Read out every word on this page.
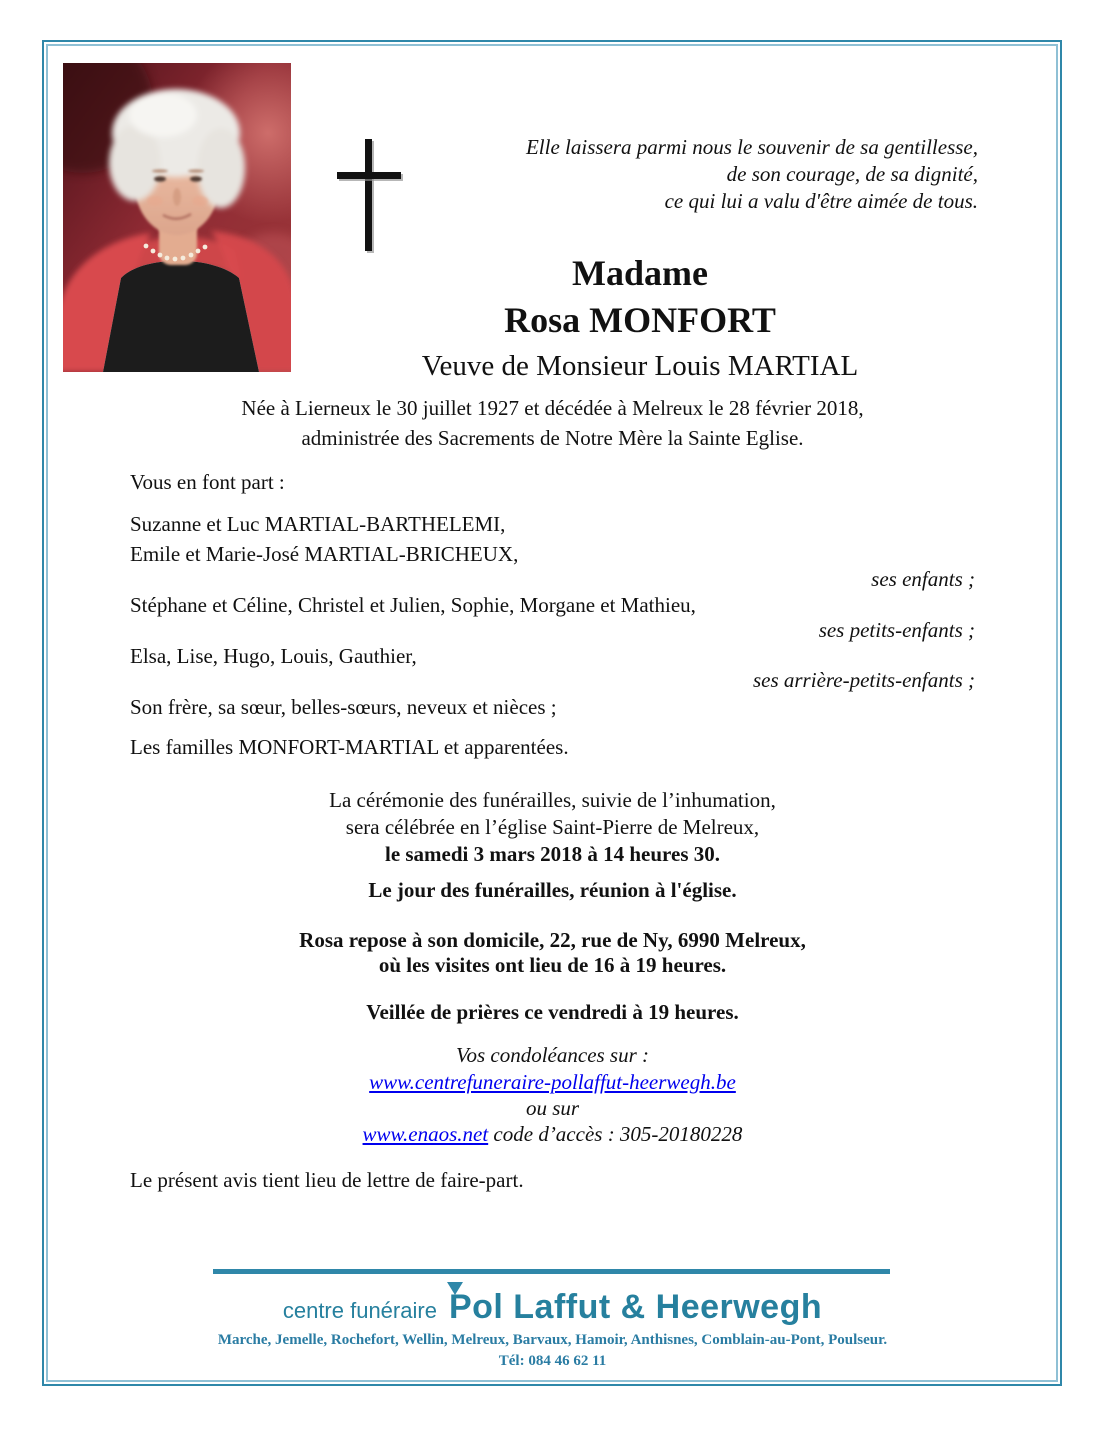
Elle laissera parmi nous le souvenir de sa gentillesse,
de son courage, de sa dignité,
ce qui lui a valu d'être aimée de tous.
Madame
Rosa MONFORT
Veuve de Monsieur Louis MARTIAL
Née à Lierneux le 30 juillet 1927 et décédée à Melreux le 28 février 2018,
administrée des Sacrements de Notre Mère la Sainte Eglise.
Vous en font part :
Suzanne et Luc MARTIAL-BARTHELEMI,
Emile et Marie-José MARTIAL-BRICHEUX,
ses enfants ;
Stéphane et Céline, Christel et Julien, Sophie, Morgane et Mathieu,
ses petits-enfants ;
Elsa, Lise, Hugo, Louis, Gauthier,
ses arrière-petits-enfants ;
Son frère, sa sœur, belles-sœurs, neveux et nièces ;
Les familles MONFORT-MARTIAL et apparentées.
La cérémonie des funérailles, suivie de l’inhumation,
sera célébrée en l’église Saint-Pierre de Melreux,
le samedi 3 mars 2018 à 14 heures 30.
Le jour des funérailles, réunion à l'église.
Rosa repose à son domicile, 22, rue de Ny, 6990 Melreux,
où les visites ont lieu de 16 à 19 heures.
Veillée de prières ce vendredi à 19 heures.
Vos condoléances sur :
www.centrefuneraire-pollaffut-heerwegh.be
ou sur
www.enaos.net code d’accès : 305-20180228
Le présent avis tient lieu de lettre de faire-part.
centre funéraire Pol Laffut & Heerwegh
Marche, Jemelle, Rochefort, Wellin, Melreux, Barvaux, Hamoir, Anthisnes, Comblain-au-Pont, Poulseur.
Tél: 084 46 62 11
